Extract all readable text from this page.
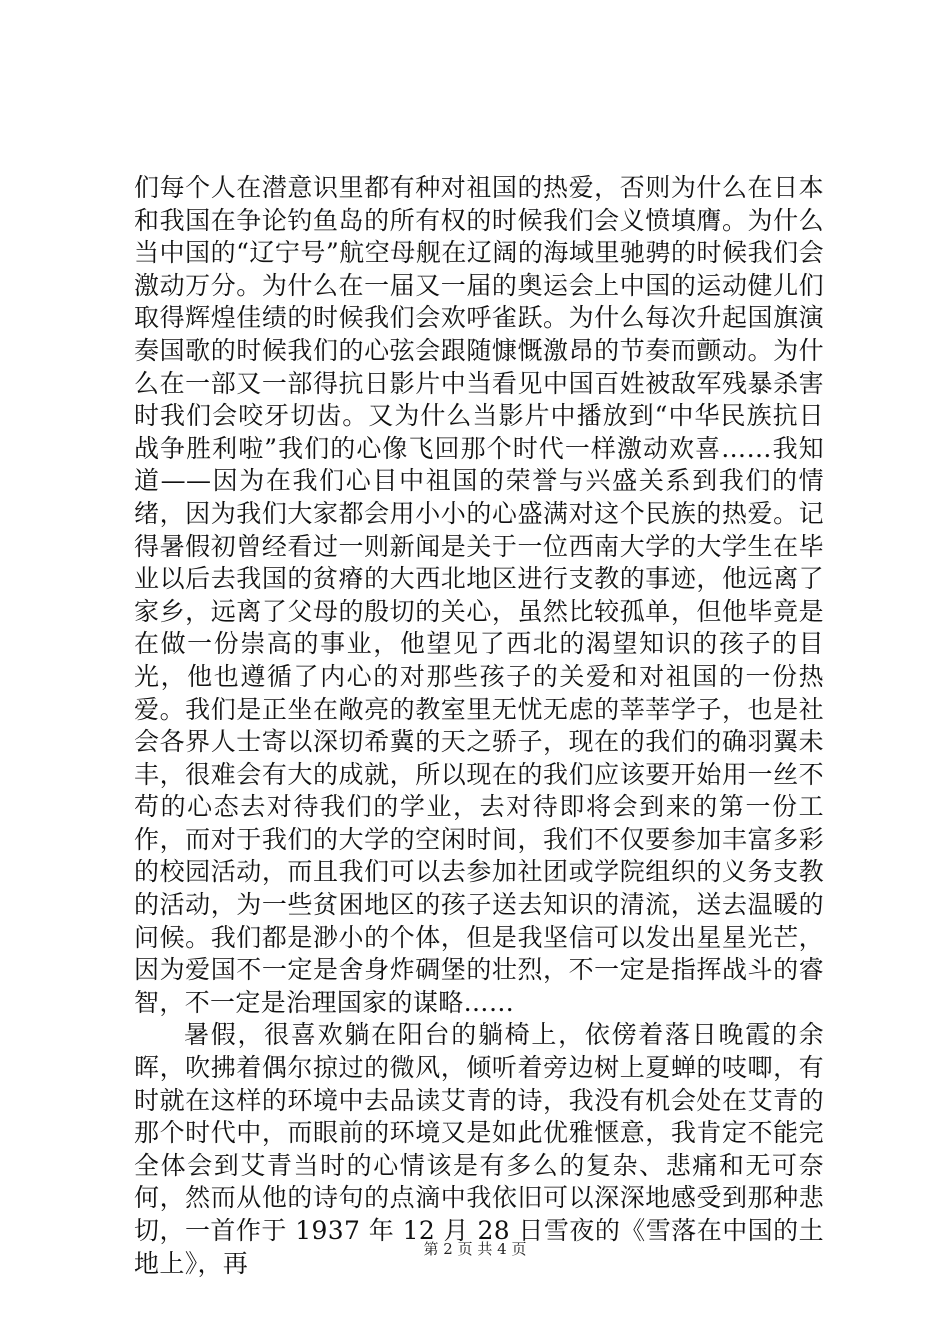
们每个人在潜意识里都有种对祖国的热爱，否则为什么在日本和我国在争论钓鱼岛的所有权的时候我们会义愤填膺。为什么当中国的“辽宁号”航空母舰在辽阔的海域里驰骋的时候我们会激动万分。为什么在一届又一届的奥运会上中国的运动健儿们取得辉煌佳绩的时候我们会欢呼雀跃。为什么每次升起国旗演奏国歌的时候我们的心弦会跟随慷慨激昂的节奏而颤动。为什么在一部又一部得抗日影片中当看见中国百姓被敌军残暴杀害时我们会咬牙切齿。又为什么当影片中播放到“中华民族抗日战争胜利啦”我们的心像飞回那个时代一样激动欢喜……我知道——因为在我们心目中祖国的荣誉与兴盛关系到我们的情绪，因为我们大家都会用小小的心盛满对这个民族的热爱。记得暑假初曾经看过一则新闻是关于一位西南大学的大学生在毕业以后去我国的贫瘠的大西北地区进行支教的事迹，他远离了家乡，远离了父母的殷切的关心，虽然比较孤单，但他毕竟是在做一份崇高的事业，他望见了西北的渴望知识的孩子的目光，他也遵循了内心的对那些孩子的关爱和对祖国的一份热爱。我们是正坐在敞亮的教室里无忧无虑的莘莘学子，也是社会各界人士寄以深切希冀的天之骄子，现在的我们的确羽翼未丰，很难会有大的成就，所以现在的我们应该要开始用一丝不苟的心态去对待我们的学业，去对待即将会到来的第一份工作，而对于我们的大学的空闲时间，我们不仅要参加丰富多彩的校园活动，而且我们可以去参加社团或学院组织的义务支教的活动，为一些贫困地区的孩子送去知识的清流，送去温暖的问候。我们都是渺小的个体，但是我坚信可以发出星星光芒，因为爱国不一定是舍身炸碉堡的壮烈，不一定是指挥战斗的睿智，不一定是治理国家的谋略……

暑假，很喜欢躺在阳台的躺椅上，依傍着落日晚霞的余晖，吹拂着偶尔掠过的微风，倾听着旁边树上夏蝉的吱唧，有时就在这样的环境中去品读艾青的诗，我没有机会处在艾青的那个时代中，而眼前的环境又是如此优雅惬意，我肯定不能完全体会到艾青当时的心情该是有多么的复杂、悲痛和无可奈何，然而从他的诗句的点滴中我依旧可以深深地感受到那种悲切，一首作于 1937 年 12 月 28 日雪夜的《雪落在中国的土地上》，再	第 2 页 共 4 页
